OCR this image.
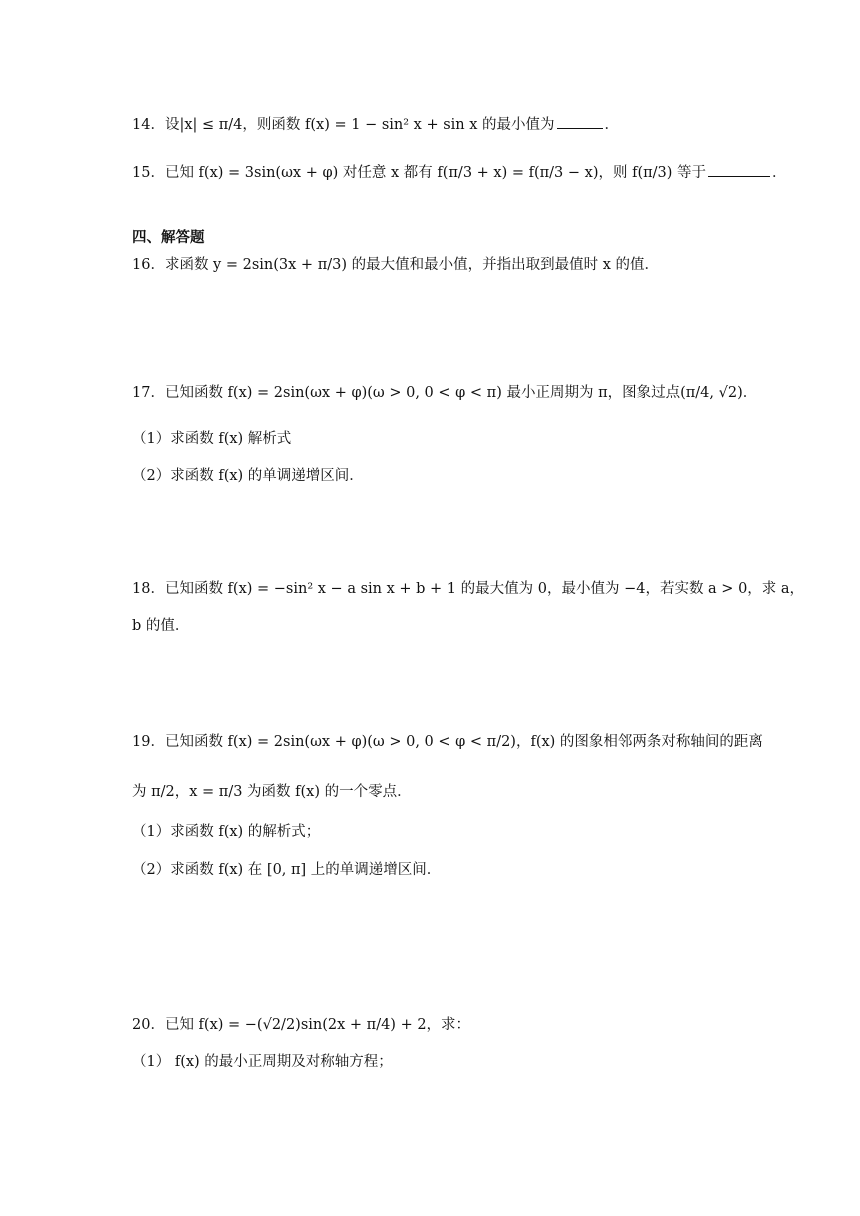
14．设|x| ≤ π/4，则函数 f(x) = 1 − sin² x + sin x 的最小值为	．
15．已知 f(x) = 3sin(ωx + φ) 对任意 x 都有 f(π/3 + x) = f(π/3 − x)，则 f(π/3) 等于	．
四、解答题
16．求函数 y = 2sin(3x + π/3) 的最大值和最小值，并指出取到最值时 x 的值．
17．已知函数 f(x) = 2sin(ωx + φ)(ω > 0, 0 < φ < π) 最小正周期为 π，图象过点(π/4, √2)．
（1）求函数 f(x) 解析式
（2）求函数 f(x) 的单调递增区间．
18．已知函数 f(x) = −sin² x − a sin x + b + 1 的最大值为 0，最小值为 −4，若实数 a > 0，求 a，
b 的值．
19．已知函数 f(x) = 2sin(ωx + φ)(ω > 0, 0 < φ < π/2)，f(x) 的图象相邻两条对称轴间的距离
为 π/2，x = π/3 为函数 f(x) 的一个零点．
（1）求函数 f(x) 的解析式；
（2）求函数 f(x) 在 [0, π] 上的单调递增区间．
20．已知 f(x) = −(√2/2)sin(2x + π/4) + 2，求：
（1） f(x) 的最小正周期及对称轴方程；
